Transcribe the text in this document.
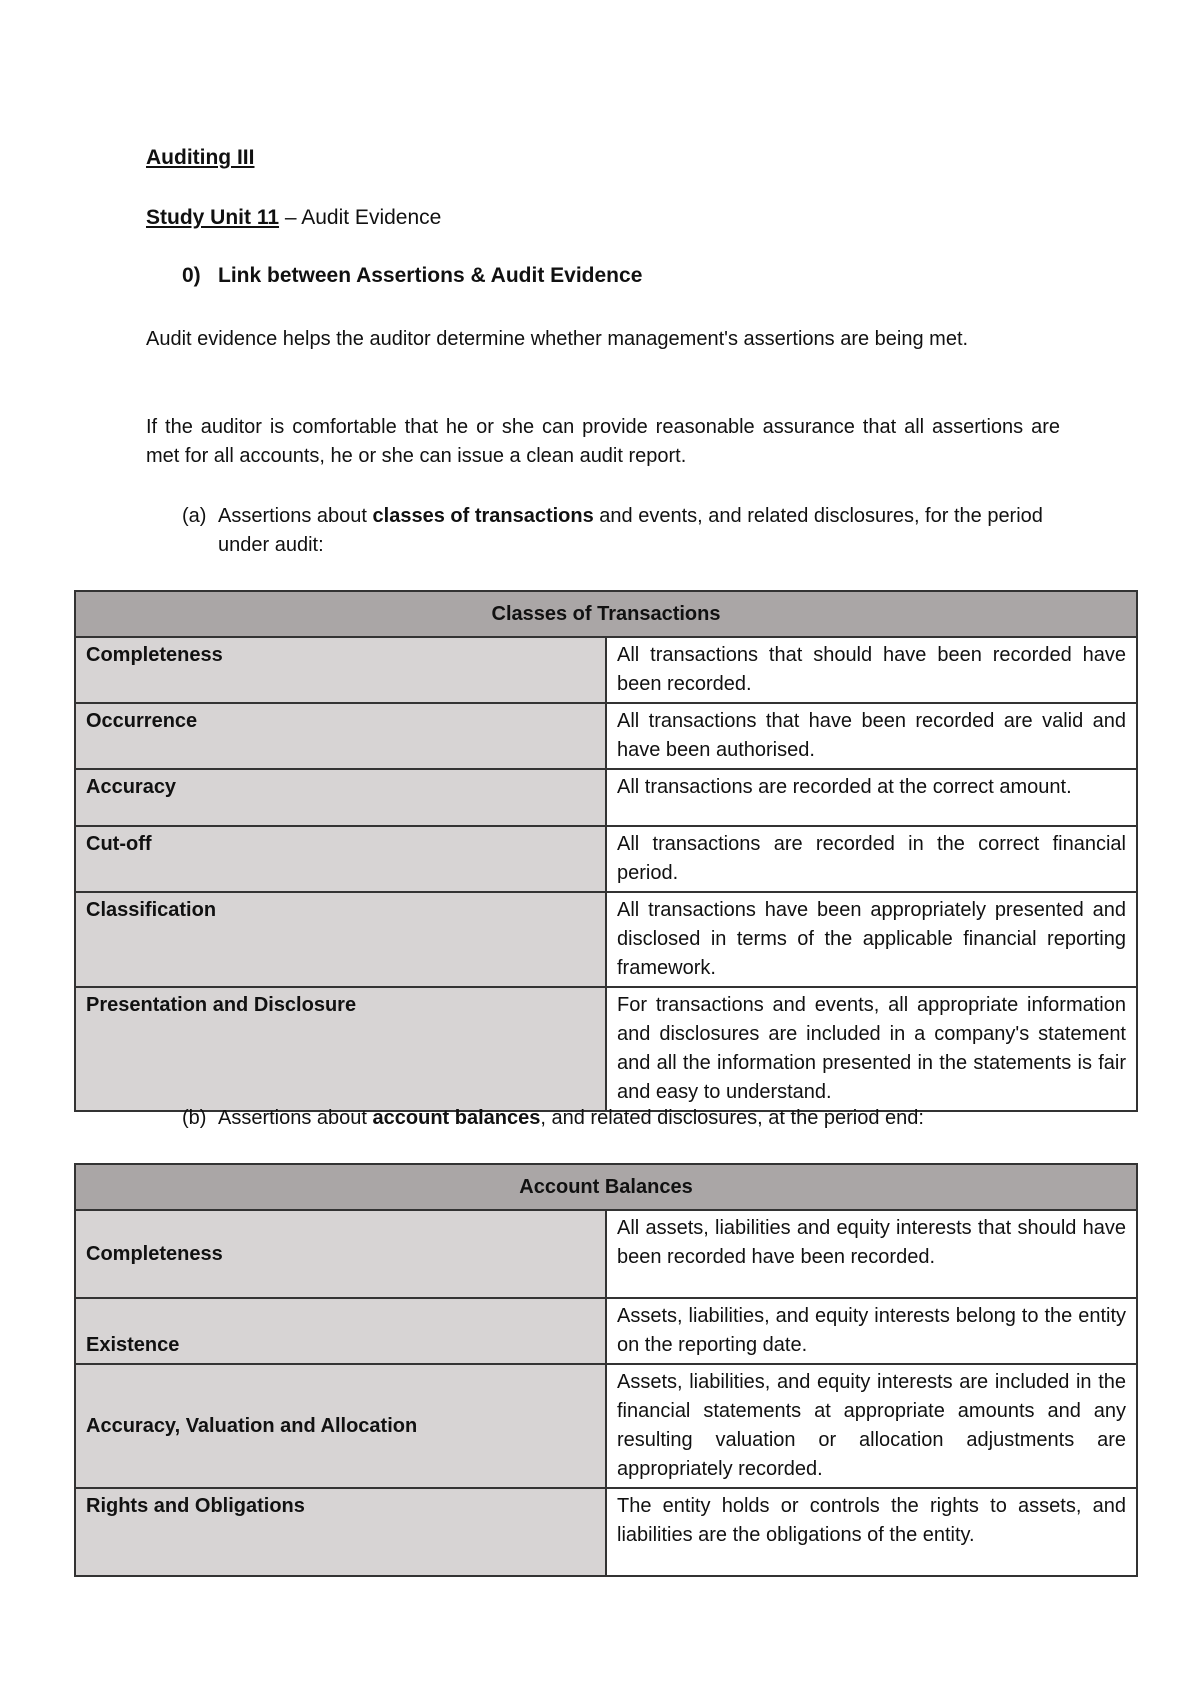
Auditing III
Study Unit 11 – Audit Evidence
0) Link between Assertions & Audit Evidence
Audit evidence helps the auditor determine whether management's assertions are being met.
If the auditor is comfortable that he or she can provide reasonable assurance that all assertions are met for all accounts, he or she can issue a clean audit report.
(a) Assertions about classes of transactions and events, and related disclosures, for the period under audit:
Classes of Transactions	
Completeness	All transactions that should have been recorded have been recorded.
Occurrence	All transactions that have been recorded are valid and have been authorised.
Accuracy	All transactions are recorded at the correct amount.
Cut-off	All transactions are recorded in the correct financial period.
Classification	All transactions have been appropriately presented and disclosed in terms of the applicable financial reporting framework.
Presentation and Disclosure	For transactions and events, all appropriate information and disclosures are included in a company's statement and all the information presented in the statements is fair and easy to understand.
(b) Assertions about account balances, and related disclosures, at the period end:
Account Balances	
Completeness	All assets, liabilities and equity interests that should have been recorded have been recorded.
Existence	Assets, liabilities, and equity interests belong to the entity on the reporting date.
Accuracy, Valuation and Allocation	Assets, liabilities, and equity interests are included in the financial statements at appropriate amounts and any resulting valuation or allocation adjustments are appropriately recorded.
Rights and Obligations	The entity holds or controls the rights to assets, and liabilities are the obligations of the entity.
